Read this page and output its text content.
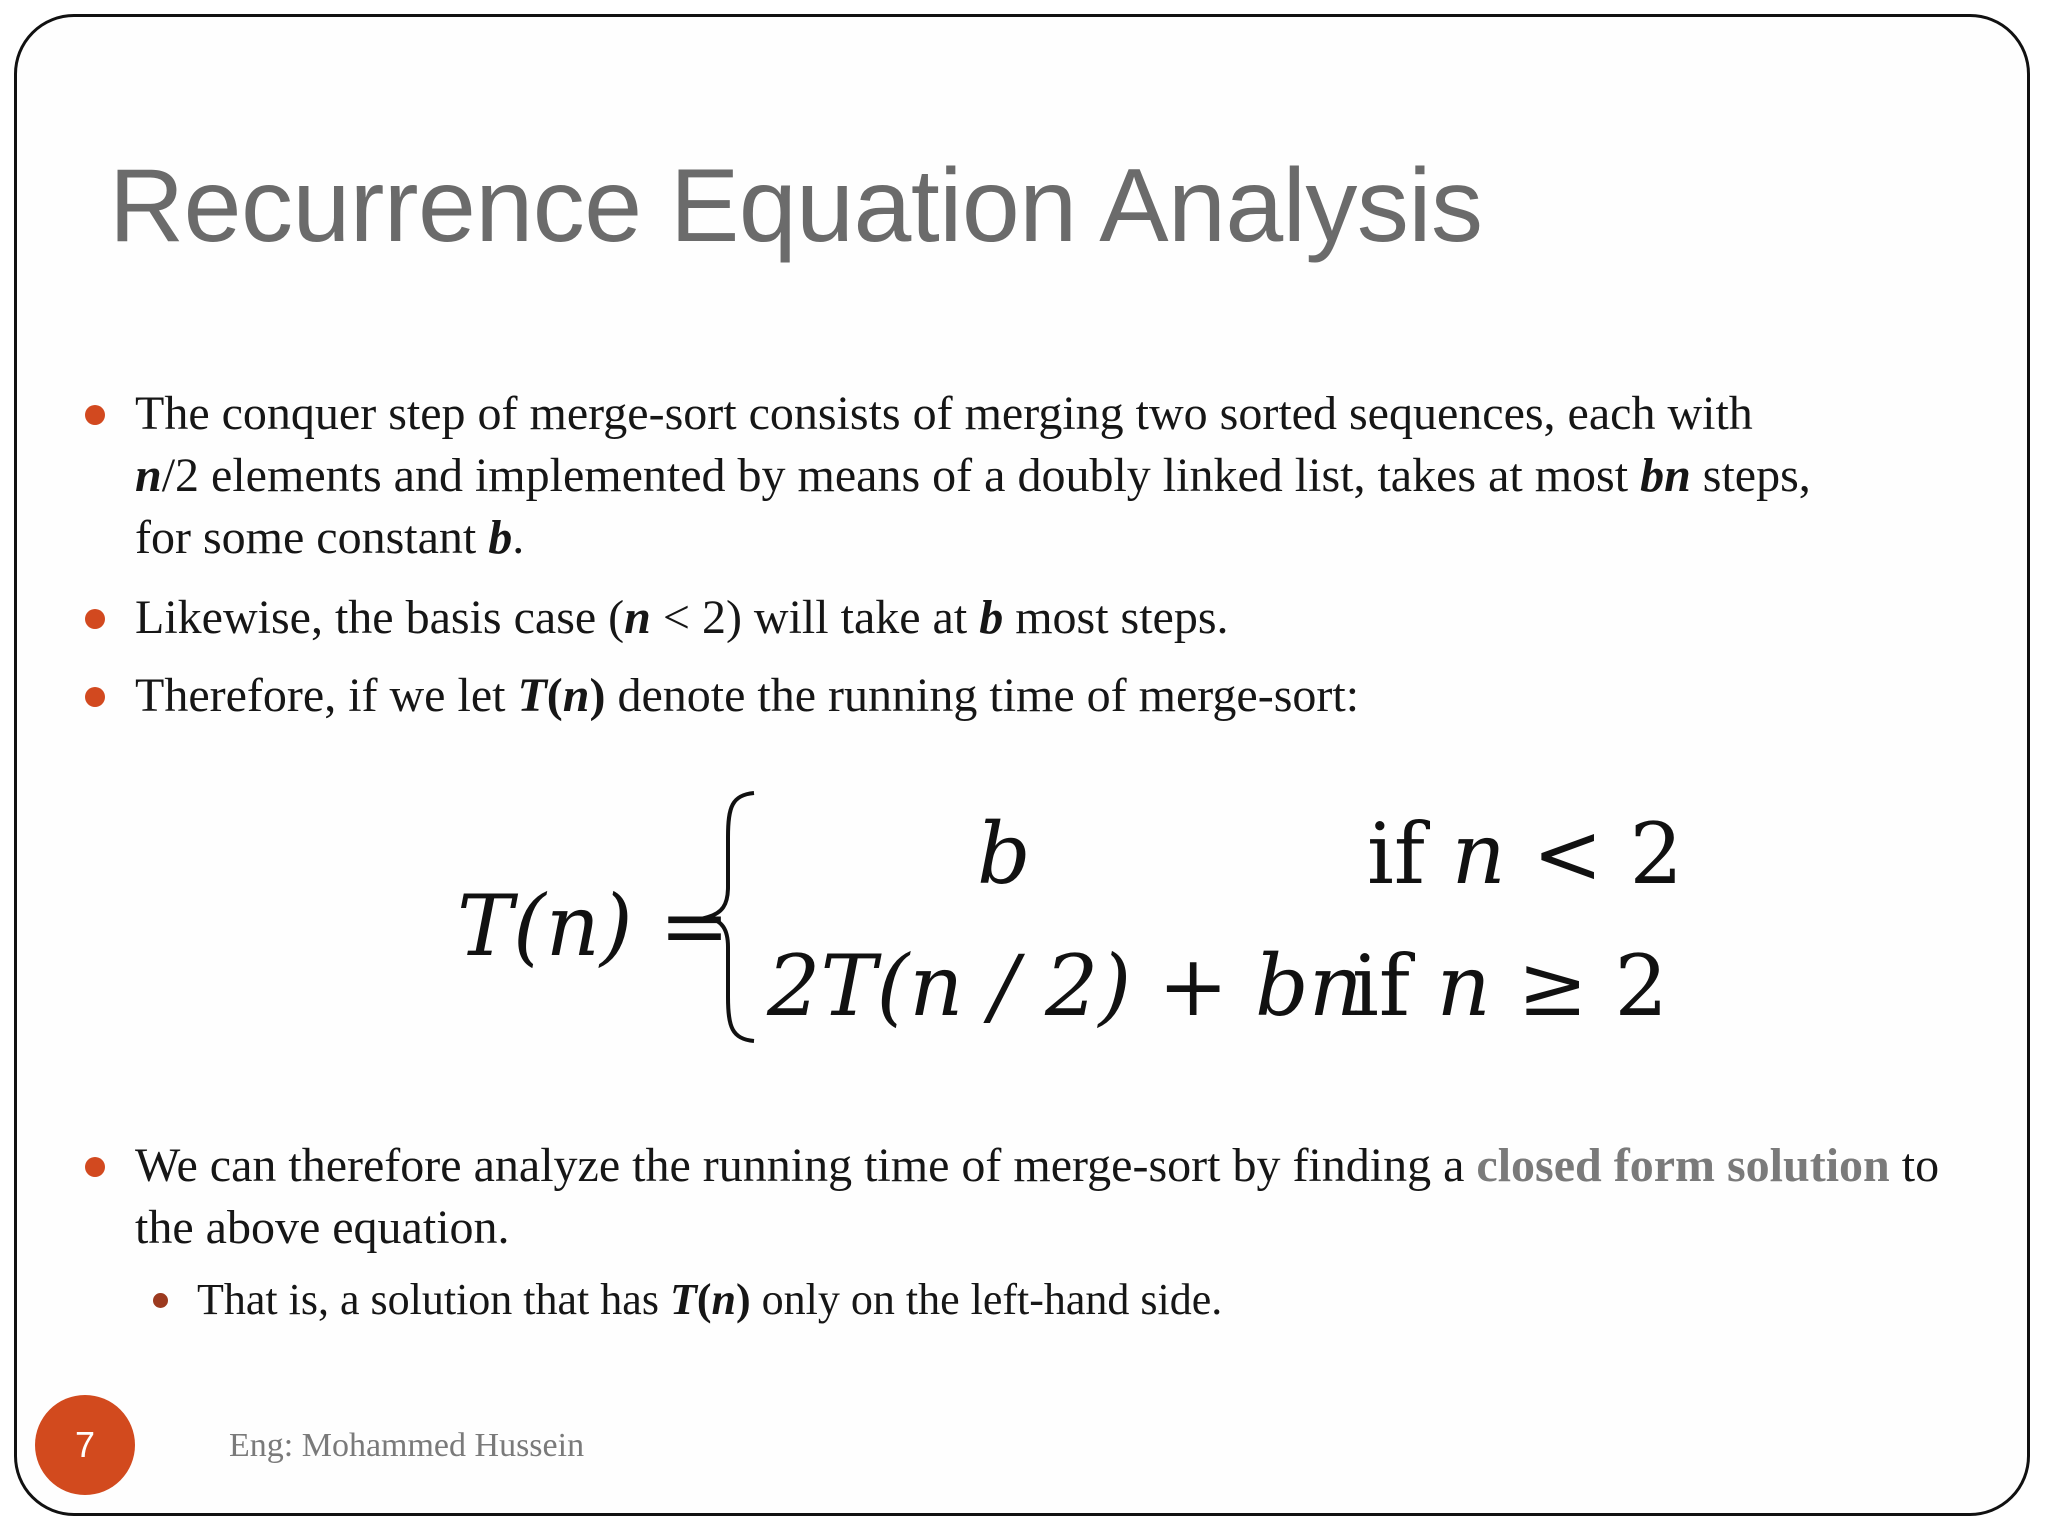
Recurrence Equation Analysis
The conquer step of merge-sort consists of merging two sorted sequences, each with
n/2 elements and implemented by means of a doubly linked list, takes at most bn steps,
for some constant b.
Likewise, the basis case (n < 2) will take at b most steps.
Therefore, if we let T(n) denote the running time of merge-sort:
T(n) =
b	if n < 2
2T(n / 2) + bn
if n ≥ 2
We can therefore analyze the running time of merge-sort by finding a closed form solution to the above equation.
That is, a solution that has T(n) only on the left-hand side.
7	Eng: Mohammed Hussein
